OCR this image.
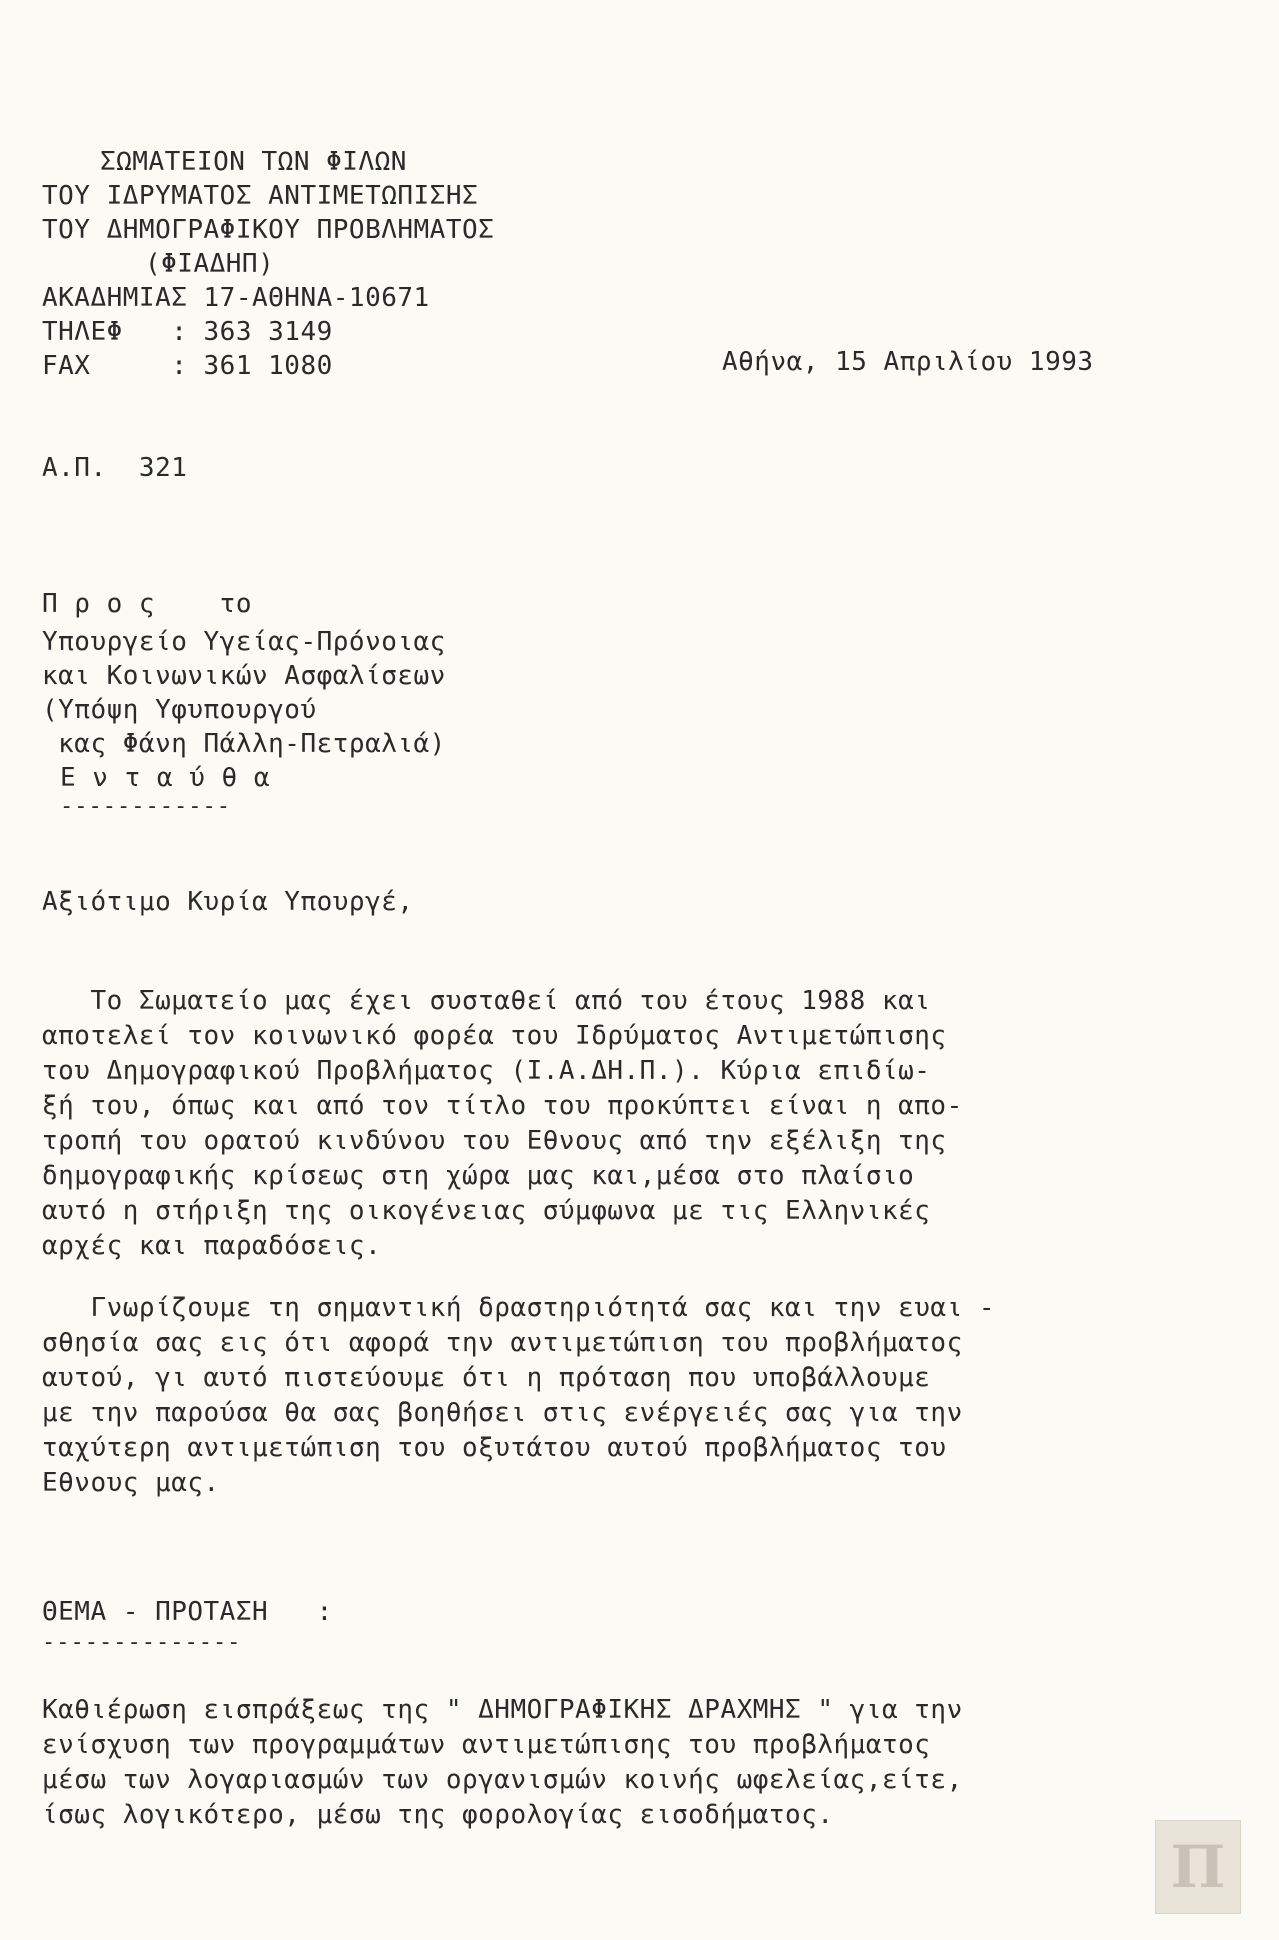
ΣΩΜΑΤΕΙΟΝ ΤΩΝ ΦΙΛΩΝ
ΤΟΥ ΙΔΡΥΜΑΤΟΣ ΑΝΤΙΜΕΤΩΠΙΣΗΣ
ΤΟΥ ΔΗΜΟΓΡΑΦΙΚΟΥ ΠΡΟΒΛΗΜΑΤΟΣ
(ΦΙΑΔΗΠ)
ΑΚΑΔΗΜΙΑΣ 17-ΑΘΗΝΑ-10671
ΤΗΛΕΦ   : 363 3149
FAX     : 361 1080	Αθήνα, 15 Απριλίου 1993
Α.Π.  321
Π ρ ο ς    το
Υπουργείο Υγείας-Πρόνοιας
και Κοινωνικών Ασφαλίσεων
(Υπόψη Υφυπουργού
κας Φάνη Πάλλη-Πετραλιά)
Ε ν τ α ύ θ α
------------
Αξιότιμο Κυρία Υπουργέ,
Το Σωματείο μας έχει συσταθεί από του έτους 1988 και
αποτελεί τον κοινωνικό φορέα του Ιδρύματος Αντιμετώπισης
του Δημογραφικού Προβλήματος (Ι.Α.ΔΗ.Π.). Κύρια επιδίω-
ξή του, όπως και από τον τίτλο του προκύπτει είναι η απο-
τροπή του ορατού κινδύνου του Εθνους από την εξέλιξη της
δημογραφικής κρίσεως στη χώρα μας και,μέσα στο πλαίσιο
αυτό η στήριξη της οικογένειας σύμφωνα με τις Ελληνικές
αρχές και παραδόσεις.
Γνωρίζουμε τη σημαντική δραστηριότητά σας και την ευαι -
σθησία σας εις ότι αφορά την αντιμετώπιση του προβλήματος
αυτού, γι αυτό πιστεύουμε ότι η πρόταση που υποβάλλουμε
με την παρούσα θα σας βοηθήσει στις ενέργειές σας για την
ταχύτερη αντιμετώπιση του οξυτάτου αυτού προβλήματος του
Εθνους μας.
ΘΕΜΑ - ΠΡΟΤΑΣΗ   :
--------------
Καθιέρωση εισπράξεως της " ΔΗΜΟΓΡΑΦΙΚΗΣ ΔΡΑΧΜΗΣ " για την
ενίσχυση των προγραμμάτων αντιμετώπισης του προβλήματος
μέσω των λογαριασμών των οργανισμών κοινής ωφελείας,είτε,
ίσως λογικότερο, μέσω της φορολογίας εισοδήματος.
Π
